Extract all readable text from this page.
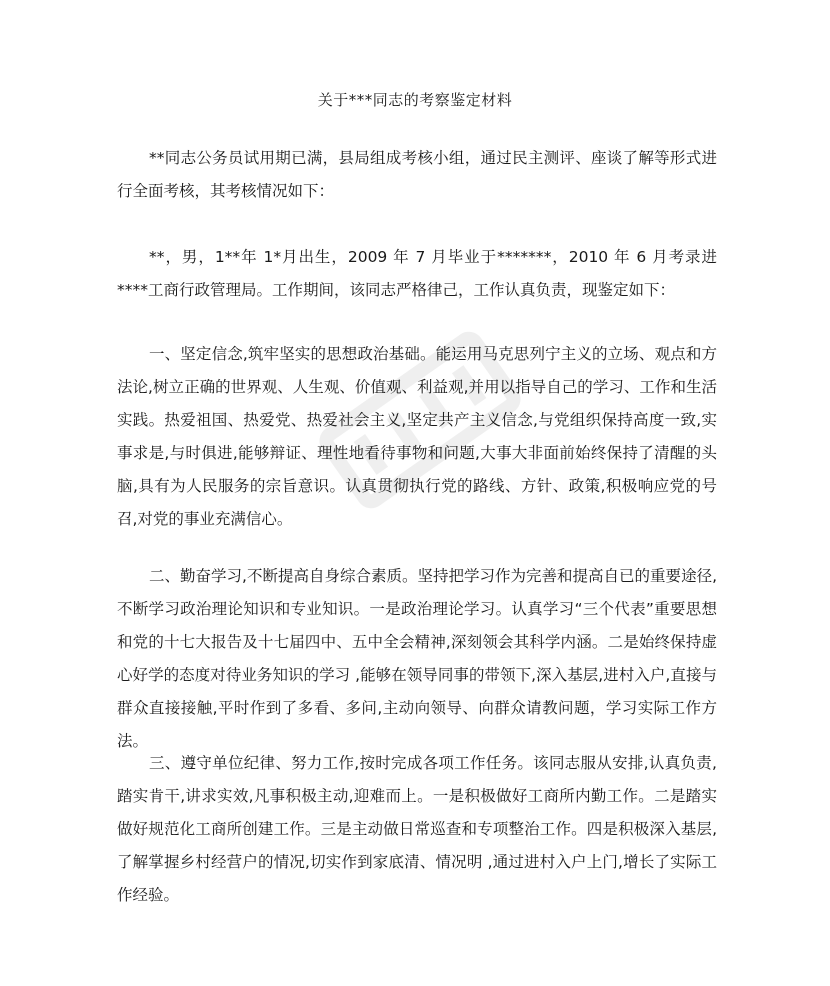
关于***同志的考察鉴定材料

**同志公务员试用期已满，县局组成考核小组，通过民主测评、座谈了解等形式进行全面考核，其考核情况如下：

**，男，1**年 1*月出生，2009 年 7 月毕业于*******，2010 年 6 月考录进****工商行政管理局。工作期间，该同志严格律己，工作认真负责，现鉴定如下：

一、坚定信念,筑牢坚实的思想政治基础。能运用马克思列宁主义的立场、观点和方法论,树立正确的世界观、人生观、价值观、利益观,并用以指导自己的学习、工作和生活实践。热爱祖国、热爱党、热爱社会主义,坚定共产主义信念,与党组织保持高度一致,实事求是,与时俱进,能够辩证、理性地看待事物和问题,大事大非面前始终保持了清醒的头脑,具有为人民服务的宗旨意识。认真贯彻执行党的路线、方针、政策,积极响应党的号召,对党的事业充满信心。

二、勤奋学习,不断提高自身综合素质。坚持把学习作为完善和提高自已的重要途径,不断学习政治理论知识和专业知识。一是政治理论学习。认真学习“三个代表”重要思想和党的十七大报告及十七届四中、五中全会精神,深刻领会其科学内涵。二是始终保持虚心好学的态度对待业务知识的学习 ,能够在领导同事的带领下,深入基层,进村入户,直接与群众直接接触,平时作到了多看、多问,主动向领导、向群众请教问题，学习实际工作方法。

三、遵守单位纪律、努力工作,按时完成各项工作任务。该同志服从安排,认真负责,踏实肯干,讲求实效,凡事积极主动,迎难而上。一是积极做好工商所内勤工作。二是踏实做好规范化工商所创建工作。三是主动做日常巡查和专项整治工作。四是积极深入基层,了解掌握乡村经营户的情况,切实作到家底清、情况明 ,通过进村入户上门,增长了实际工作经验。
